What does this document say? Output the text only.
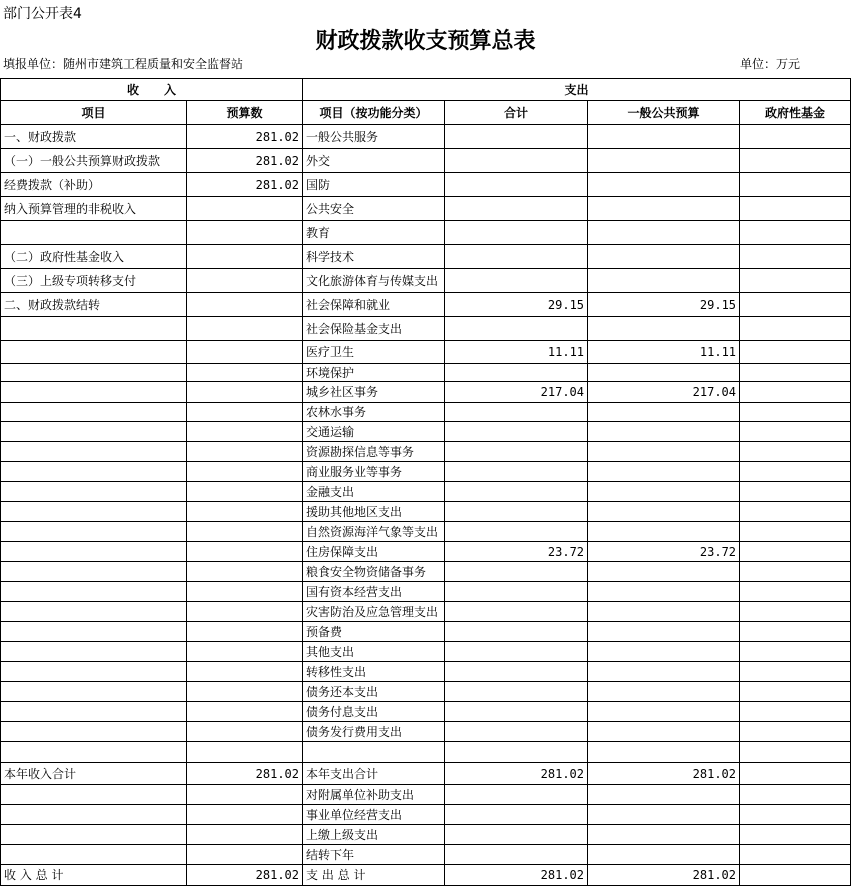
部门公开表4
财政拨款收支预算总表
填报单位：随州市建筑工程质量和安全监督站	单位：万元
收      入		支出			
项目	预算数	项目（按功能分类）	合计	一般公共预算	政府性基金
一、财政拨款	281.02	一般公共服务			
（一）一般公共预算财政拨款	281.02	外交			
经费拨款（补助）	281.02	国防			
纳入预算管理的非税收入		公共安全			
		教育			
（二）政府性基金收入		科学技术			
（三）上级专项转移支付		文化旅游体育与传媒支出			
二、财政拨款结转		社会保障和就业	29.15	29.15	
		社会保险基金支出			
		医疗卫生	11.11	11.11	
		环境保护			
		城乡社区事务	217.04	217.04	
		农林水事务			
		交通运输			
		资源勘探信息等事务			
		商业服务业等事务			
		金融支出			
		援助其他地区支出			
		自然资源海洋气象等支出			
		住房保障支出	23.72	23.72	
		粮食安全物资储备事务			
		国有资本经营支出			
		灾害防治及应急管理支出			
		预备费			
		其他支出			
		转移性支出			
		债务还本支出			
		债务付息支出			
		债务发行费用支出			

本年收入合计	281.02	本年支出合计	281.02	281.02	
		对附属单位补助支出			
		事业单位经营支出			
		上缴上级支出			
		结转下年			
收 入 总 计	281.02	支 出 总 计	281.02	281.02	
